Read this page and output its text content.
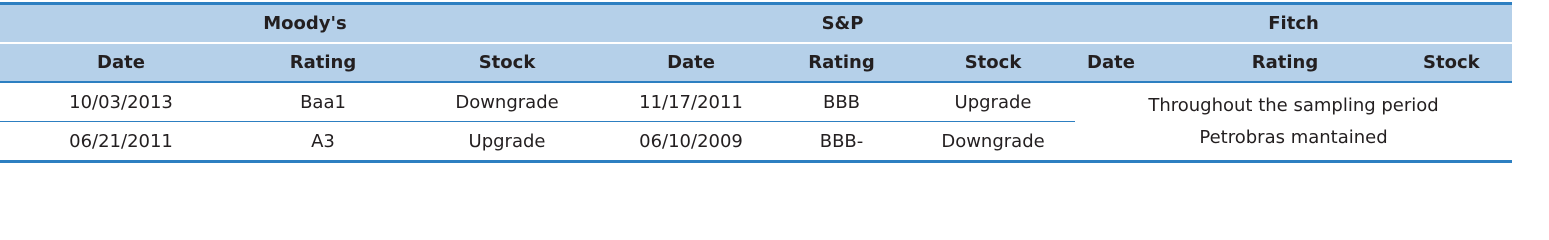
Moody's			S&P			Fitch		
Date	Rating	Stock	Date	Rating	Stock	Date	Rating	Stock
10/03/2013	Baa1	Downgrade	11/17/2011	BBB	Upgrade	Throughout the sampling period
Petrobras mantained		

06/21/2011	A3	Upgrade	06/10/2009	BBB-	Downgrade			
